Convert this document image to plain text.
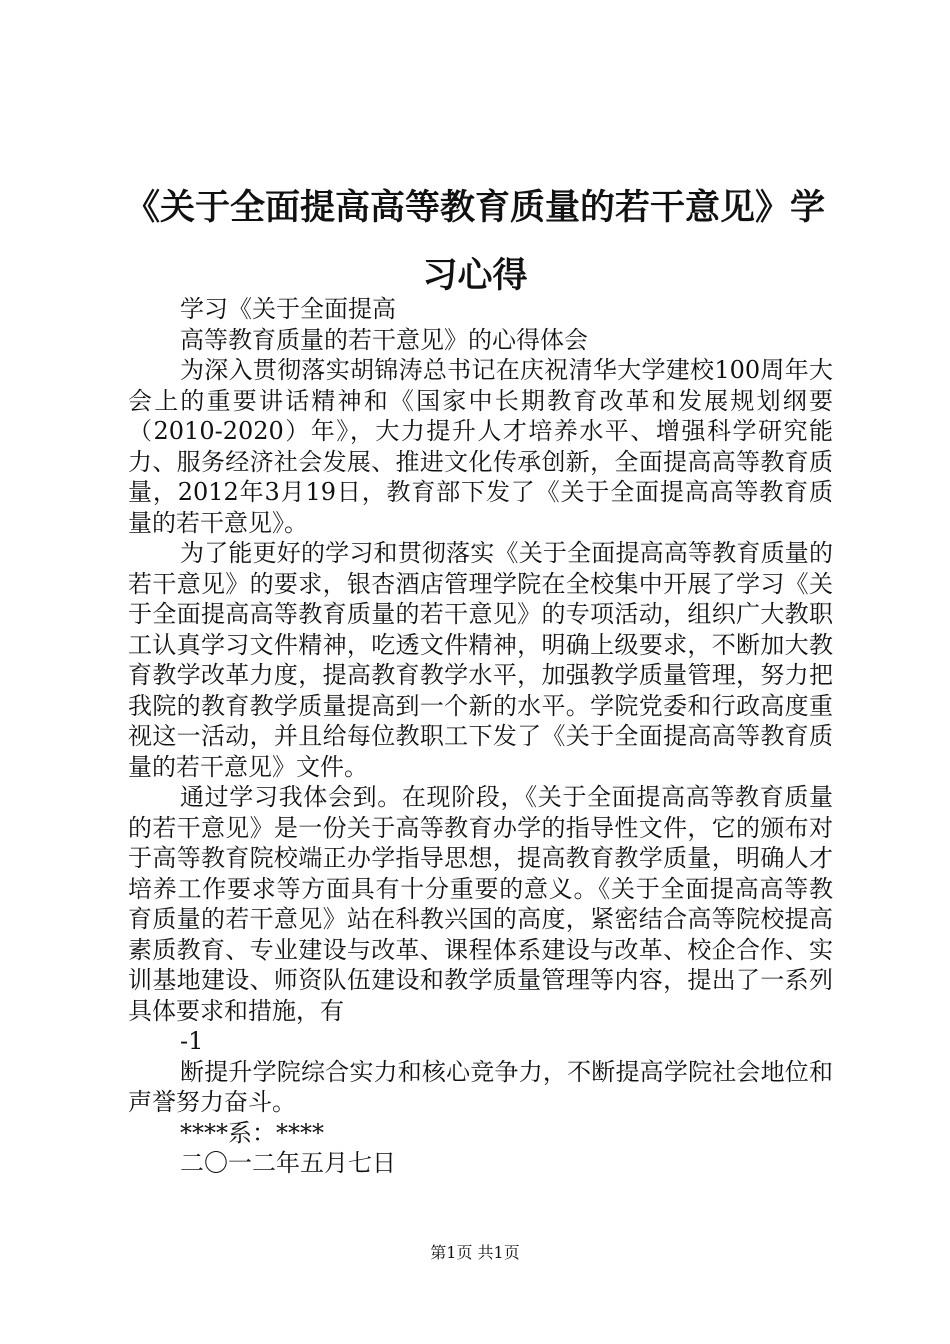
《关于全面提高高等教育质量的若干意见》学习心得

学习《关于全面提高

高等教育质量的若干意见》的心得体会

为深入贯彻落实胡锦涛总书记在庆祝清华大学建校100周年大会上的重要讲话精神和《国家中长期教育改革和发展规划纲要（2010-2020）年》，大力提升人才培养水平、增强科学研究能力、服务经济社会发展、推进文化传承创新，全面提高高等教育质量，2012年3月19日，教育部下发了《关于全面提高高等教育质量的若干意见》。

为了能更好的学习和贯彻落实《关于全面提高高等教育质量的若干意见》的要求，银杏酒店管理学院在全校集中开展了学习《关于全面提高高等教育质量的若干意见》的专项活动，组织广大教职工认真学习文件精神，吃透文件精神，明确上级要求，不断加大教育教学改革力度，提高教育教学水平，加强教学质量管理，努力把我院的教育教学质量提高到一个新的水平。学院党委和行政高度重视这一活动，并且给每位教职工下发了《关于全面提高高等教育质量的若干意见》文件。

通过学习我体会到。在现阶段，《关于全面提高高等教育质量的若干意见》是一份关于高等教育办学的指导性文件，它的颁布对于高等教育院校端正办学指导思想，提高教育教学质量，明确人才培养工作要求等方面具有十分重要的意义。《关于全面提高高等教育质量的若干意见》站在科教兴国的高度，紧密结合高等院校提高素质教育、专业建设与改革、课程体系建设与改革、校企合作、实训基地建设、师资队伍建设和教学质量管理等内容，提出了一系列具体要求和措施，有

-1

断提升学院综合实力和核心竞争力，不断提高学院社会地位和声誉努力奋斗。

****系：****

二〇一二年五月七日

第1页 共1页
